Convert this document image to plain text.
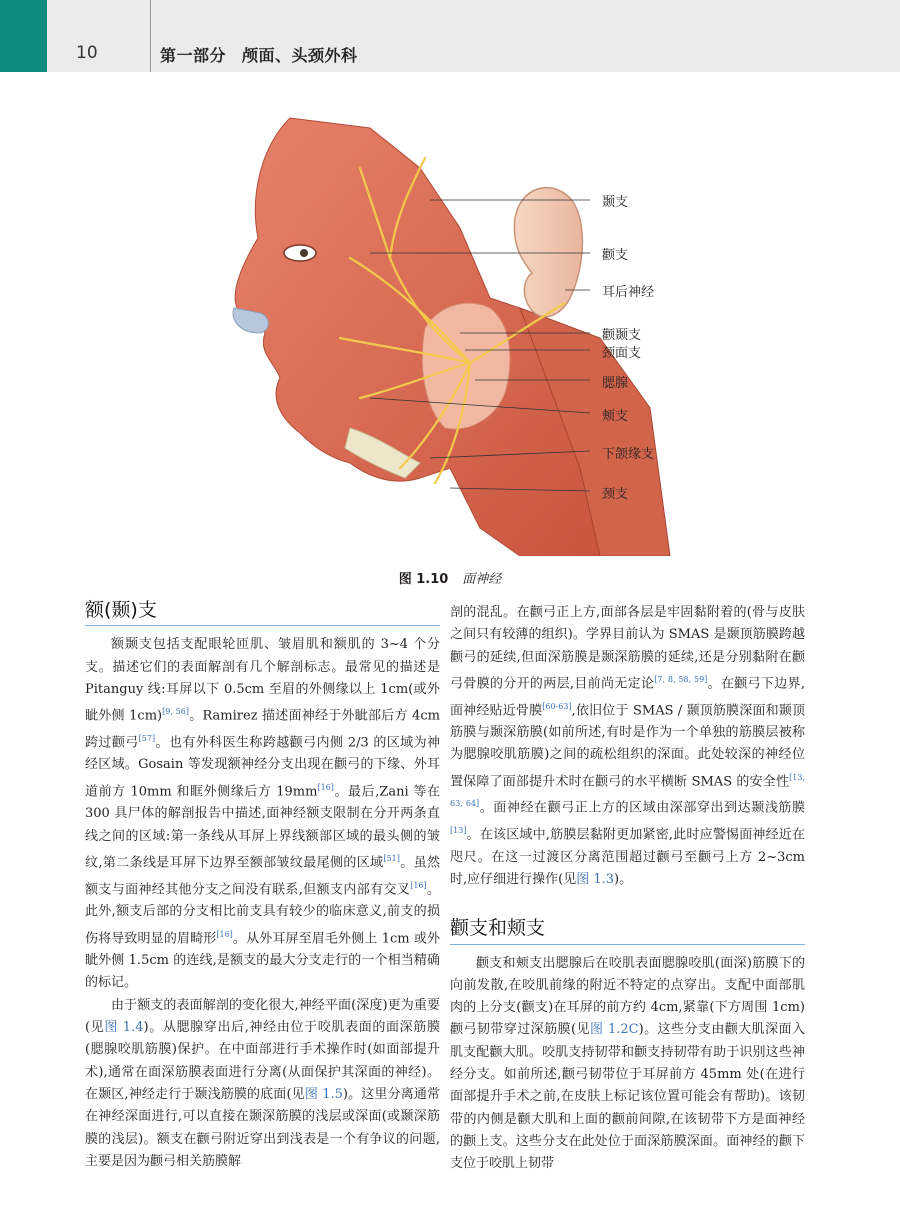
10	第一部分 颅面、头颈外科
颞支
颧支
耳后神经
颧颞支
颈面支
腮腺
颊支
下颌缘支
颈支
图 1.10 面神经
额(颞)支

额颞支包括支配眼轮匝肌、皱眉肌和额肌的 3~4 个分支。描述它们的表面解剖有几个解剖标志。最常见的描述是 Pitanguy 线:耳屏以下 0.5cm 至眉的外侧缘以上 1cm(或外眦外侧 1cm)[9, 56]。Ramirez 描述面神经于外眦部后方 4cm 跨过颧弓[57]。也有外科医生称跨越颧弓内侧 2/3 的区域为神经区域。Gosain 等发现额神经分支出现在颧弓的下缘、外耳道前方 10mm 和眶外侧缘后方 19mm[16]。最后,Zani 等在 300 具尸体的解剖报告中描述,面神经额支限制在分开两条直线之间的区域:第一条线从耳屏上界线额部区域的最头侧的皱纹,第二条线是耳屏下边界至额部皱纹最尾侧的区域[51]。虽然额支与面神经其他分支之间没有联系,但额支内部有交叉[16]。此外,额支后部的分支相比前支具有较少的临床意义,前支的损伤将导致明显的眉畸形[16]。从外耳屏至眉毛外侧上 1cm 或外眦外侧 1.5cm 的连线,是额支的最大分支走行的一个相当精确的标记。

由于额支的表面解剖的变化很大,神经平面(深度)更为重要(见图 1.4)。从腮腺穿出后,神经由位于咬肌表面的面深筋膜(腮腺咬肌筋膜)保护。在中面部进行手术操作时(如面部提升术),通常在面深筋膜表面进行分离(从面保护其深面的神经)。在颞区,神经走行于颞浅筋膜的底面(见图 1.5)。这里分离通常在神经深面进行,可以直接在颞深筋膜的浅层或深面(或颞深筋膜的浅层)。额支在颧弓附近穿出到浅表是一个有争议的问题,主要是因为颧弓相关筋膜解

剖的混乱。在颧弓正上方,面部各层是牢固黏附着的(骨与皮肤之间只有较薄的组织)。学界目前认为 SMAS 是颞顶筋膜跨越颧弓的延续,但面深筋膜是颞深筋膜的延续,还是分别黏附在颧弓骨膜的分开的两层,目前尚无定论[7, 8, 58, 59]。在颧弓下边界,面神经贴近骨膜[60-63],依旧位于 SMAS / 颞顶筋膜深面和颞顶筋膜与颞深筋膜(如前所述,有时是作为一个单独的筋膜层被称为腮腺咬肌筋膜)之间的疏松组织的深面。此处较深的神经位置保障了面部提升术时在颧弓的水平横断 SMAS 的安全性[13, 63, 64]。面神经在颧弓正上方的区域由深部穿出到达颞浅筋膜[13]。在该区域中,筋膜层黏附更加紧密,此时应警惕面神经近在咫尺。在这一过渡区分离范围超过颧弓至颧弓上方 2~3cm 时,应仔细进行操作(见图 1.3)。

颧支和颊支

颧支和颊支出腮腺后在咬肌表面腮腺咬肌(面深)筋膜下的向前发散,在咬肌前缘的附近不特定的点穿出。支配中面部肌肉的上分支(颧支)在耳屏的前方约 4cm,紧靠(下方周围 1cm)颧弓韧带穿过深筋膜(见图 1.2C)。这些分支由颧大肌深面入肌支配颧大肌。咬肌支持韧带和颧支持韧带有助于识别这些神经分支。如前所述,颧弓韧带位于耳屏前方 45mm 处(在进行面部提升手术之前,在皮肤上标记该位置可能会有帮助)。该韧带的内侧是颧大肌和上面的颧前间隙,在该韧带下方是面神经的颧上支。这些分支在此处位于面深筋膜深面。面神经的颧下支位于咬肌上韧带
